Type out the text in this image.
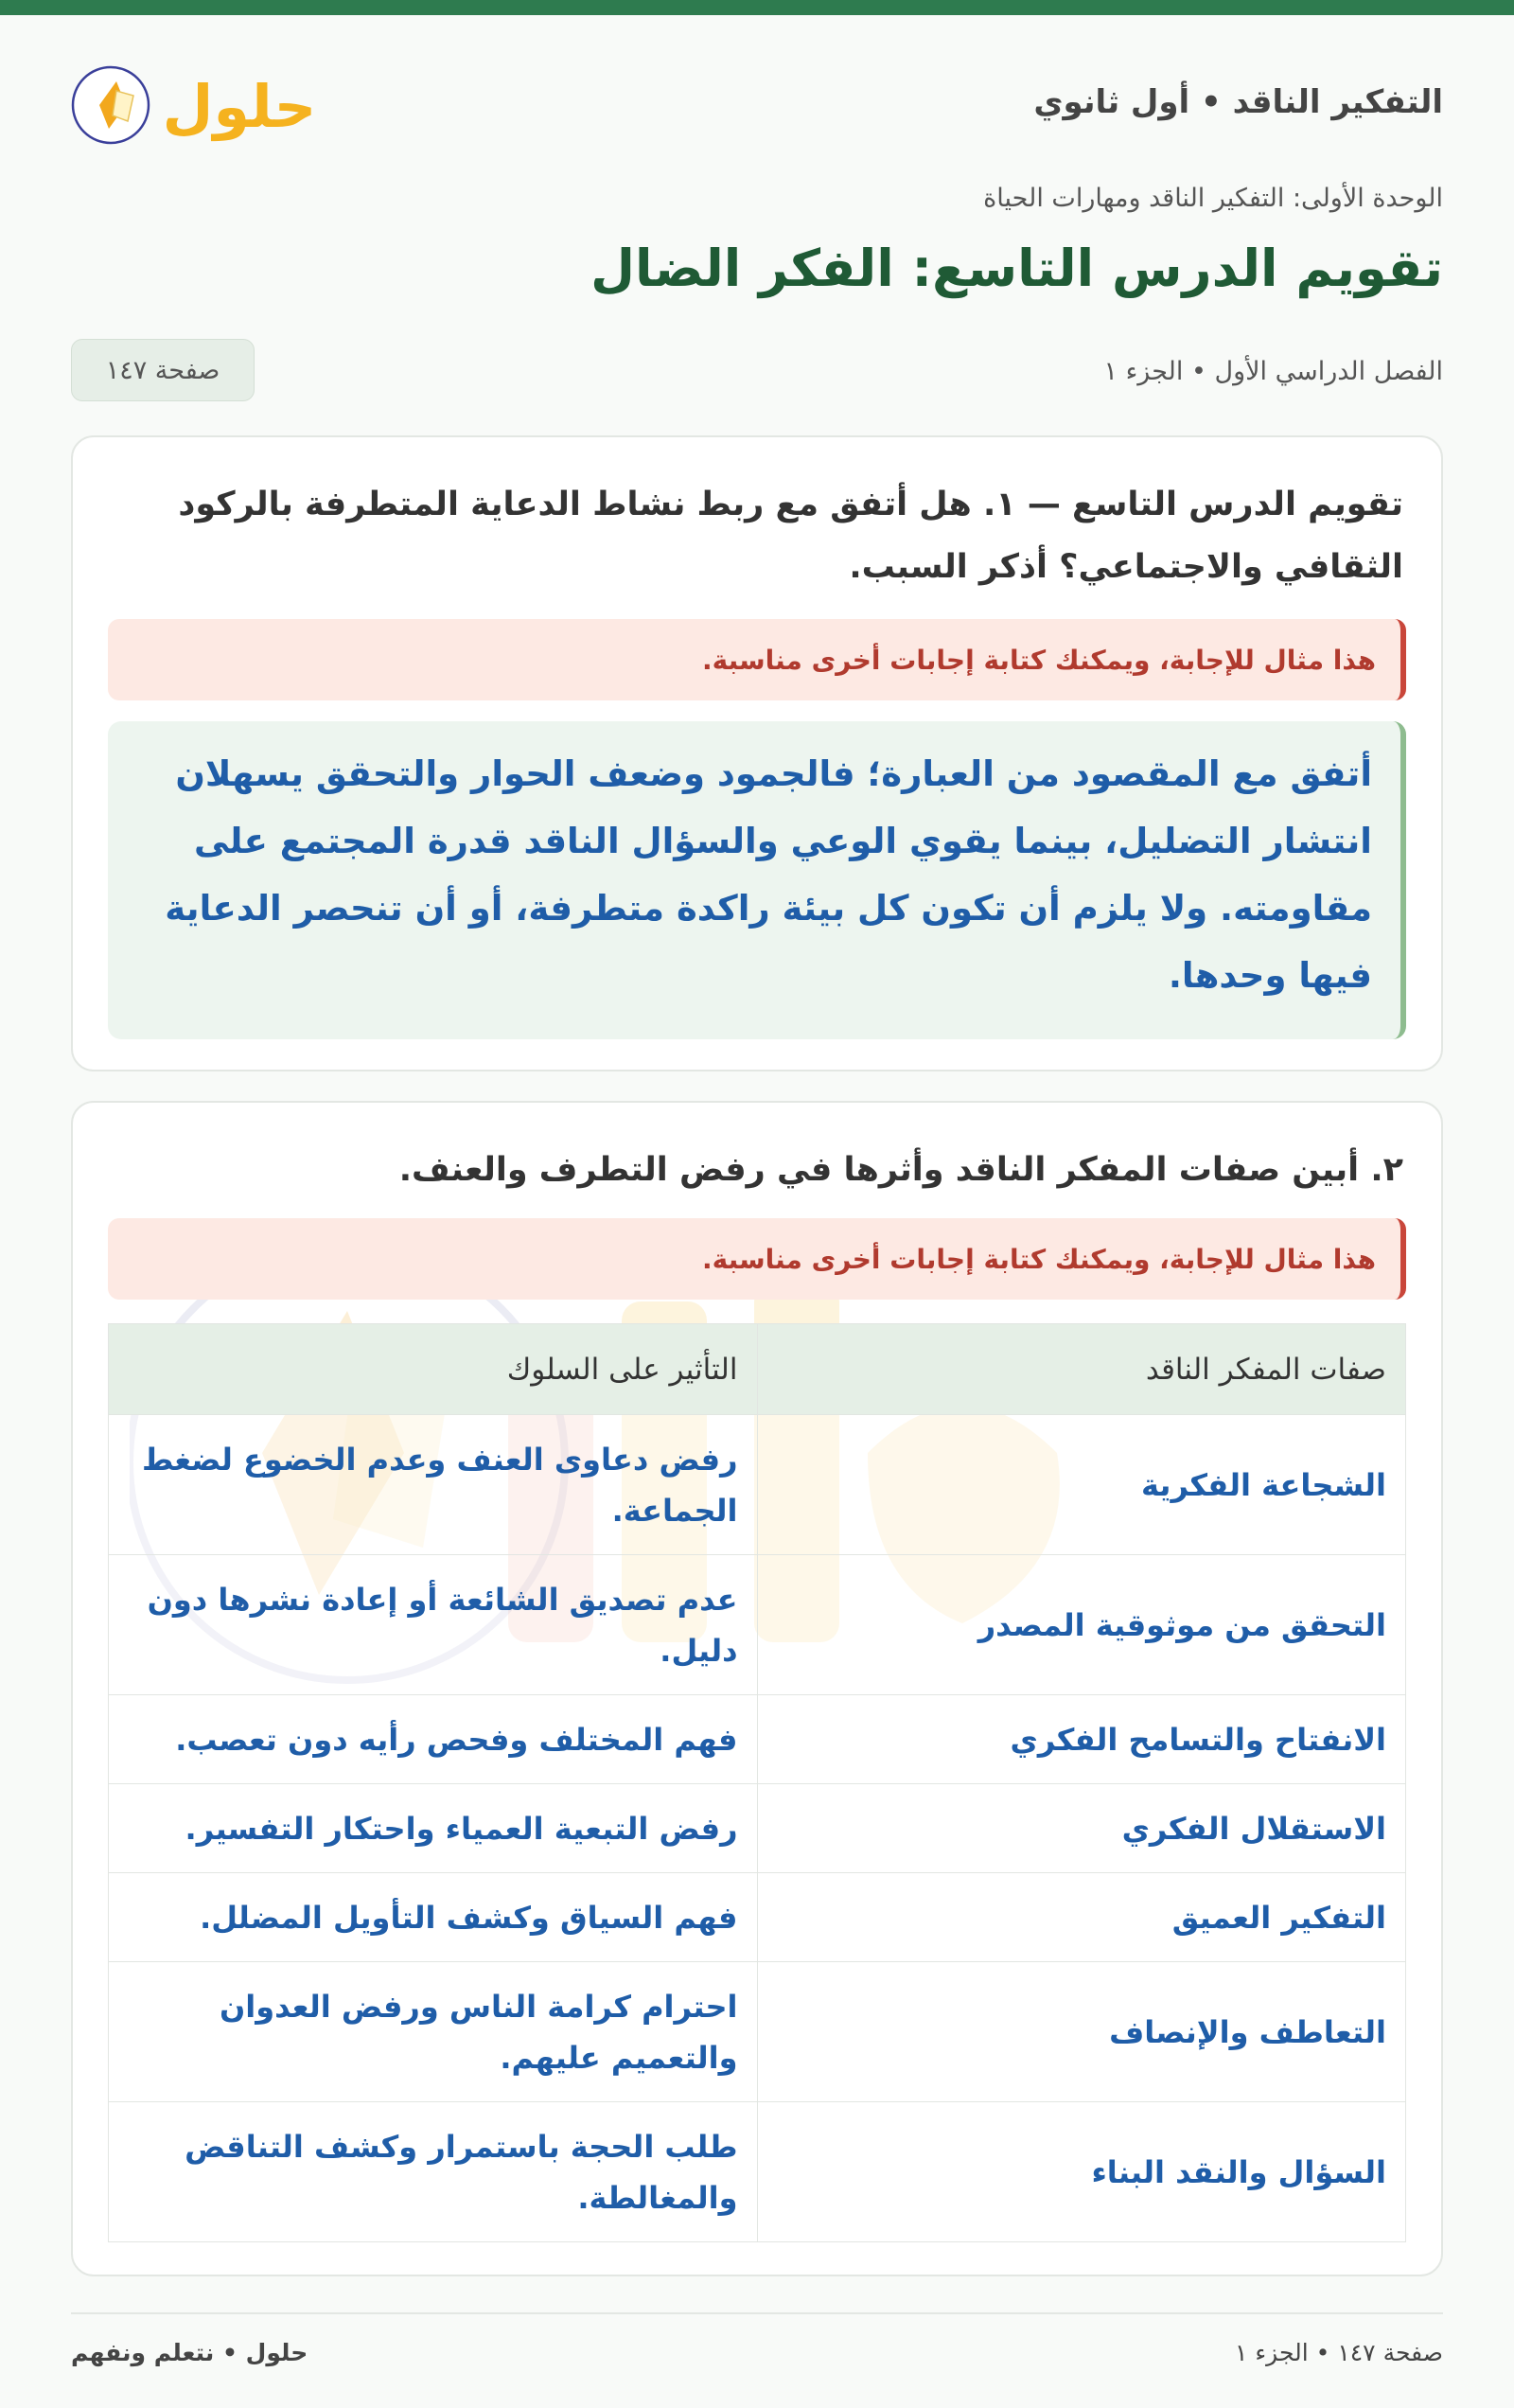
التفكير الناقد • أول ثانوي
حلول
الوحدة الأولى: التفكير الناقد ومهارات الحياة
تقويم الدرس التاسع: الفكر الضال
الفصل الدراسي الأول • الجزء ١
صفحة ١٤٧
تقويم الدرس التاسع — ١. هل أتفق مع ربط نشاط الدعاية المتطرفة بالركود الثقافي والاجتماعي؟ أذكر السبب.
هذا مثال للإجابة، ويمكنك كتابة إجابات أخرى مناسبة.
أتفق مع المقصود من العبارة؛ فالجمود وضعف الحوار والتحقق يسهلان انتشار التضليل، بينما يقوي الوعي والسؤال الناقد قدرة المجتمع على مقاومته. ولا يلزم أن تكون كل بيئة راكدة متطرفة، أو أن تنحصر الدعاية فيها وحدها.
٢. أبين صفات المفكر الناقد وأثرها في رفض التطرف والعنف.
هذا مثال للإجابة، ويمكنك كتابة إجابات أخرى مناسبة.
صفات المفكر الناقد	التأثير على السلوك
الشجاعة الفكرية	رفض دعاوى العنف وعدم الخضوع لضغط الجماعة.
التحقق من موثوقية المصدر	عدم تصديق الشائعة أو إعادة نشرها دون دليل.
الانفتاح والتسامح الفكري	فهم المختلف وفحص رأيه دون تعصب.
الاستقلال الفكري	رفض التبعية العمياء واحتكار التفسير.
التفكير العميق	فهم السياق وكشف التأويل المضلل.
التعاطف والإنصاف	احترام كرامة الناس ورفض العدوان والتعميم عليهم.
السؤال والنقد البناء	طلب الحجة باستمرار وكشف التناقض والمغالطة.
صفحة ١٤٧ • الجزء ١
حلول • نتعلم ونفهم
